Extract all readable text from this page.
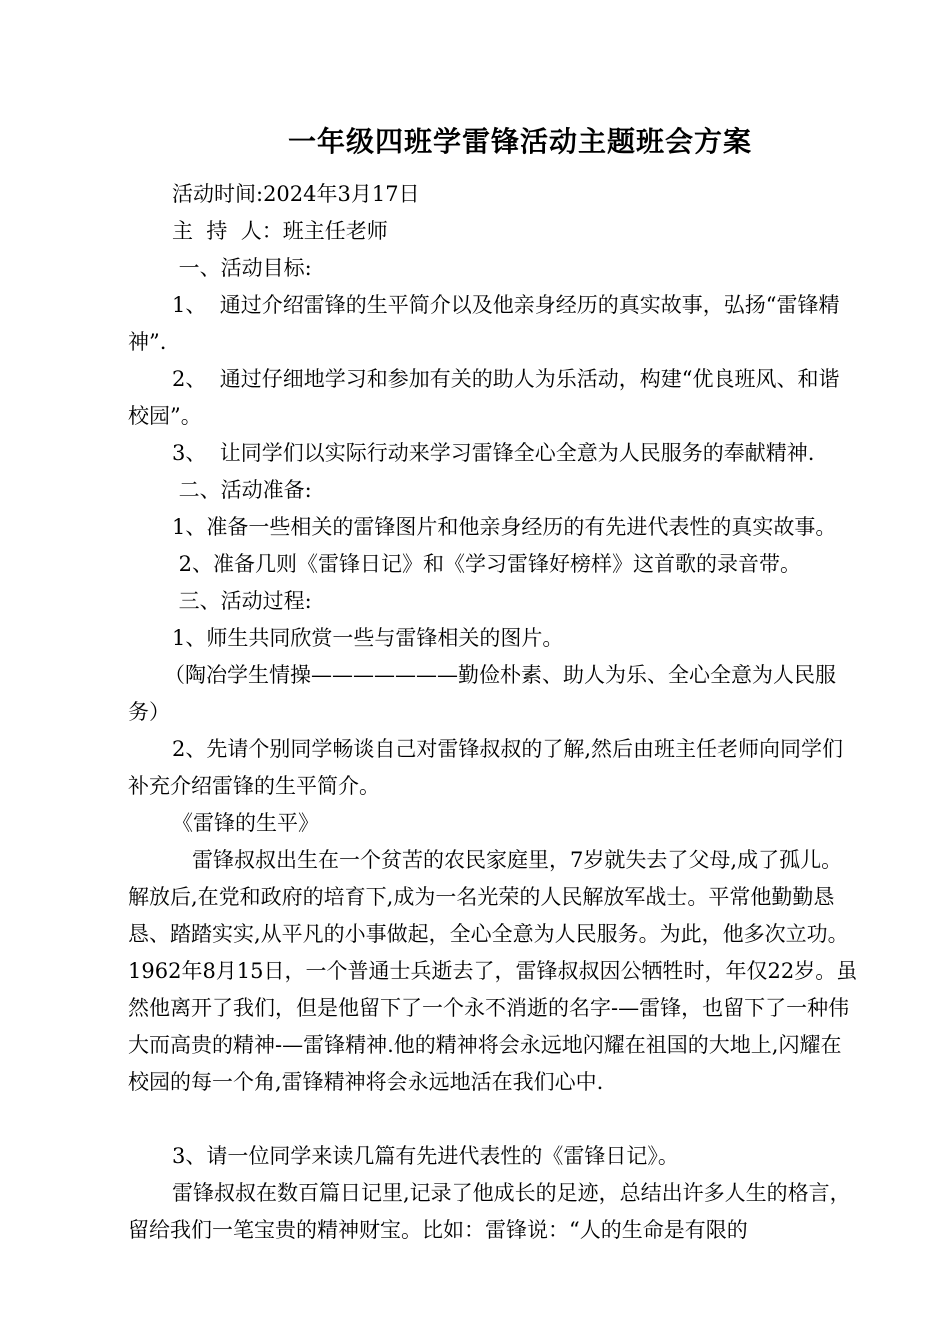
一年级四班学雷锋活动主题班会方案
活动时间:2024年3月17日
主  持  人：班主任老师
一、活动目标:
1、  通过介绍雷锋的生平简介以及他亲身经历的真实故事，弘扬“雷锋精神”.
2、  通过仔细地学习和参加有关的助人为乐活动，构建“优良班风、和谐校园”。
3、  让同学们以实际行动来学习雷锋全心全意为人民服务的奉献精神.
二、活动准备:
1、准备一些相关的雷锋图片和他亲身经历的有先进代表性的真实故事。
2、准备几则《雷锋日记》和《学习雷锋好榜样》这首歌的录音带。
三、活动过程:
1、师生共同欣赏一些与雷锋相关的图片。
（陶冶学生情操———————勤俭朴素、助人为乐、全心全意为人民服务）
2、先请个别同学畅谈自己对雷锋叔叔的了解,然后由班主任老师向同学们补充介绍雷锋的生平简介。
《雷锋的生平》
雷锋叔叔出生在一个贫苦的农民家庭里，7岁就失去了父母,成了孤儿。解放后,在党和政府的培育下,成为一名光荣的人民解放军战士。平常他勤勤恳恳、踏踏实实,从平凡的小事做起，全心全意为人民服务。为此，他多次立功。1962年8月15日，一个普通士兵逝去了，雷锋叔叔因公牺牲时，年仅22岁。虽然他离开了我们，但是他留下了一个永不消逝的名字-—雷锋，也留下了一种伟大而高贵的精神-—雷锋精神.他的精神将会永远地闪耀在祖国的大地上,闪耀在校园的每一个角,雷锋精神将会永远地活在我们心中.
3、请一位同学来读几篇有先进代表性的《雷锋日记》。
雷锋叔叔在数百篇日记里,记录了他成长的足迹，总结出许多人生的格言，留给我们一笔宝贵的精神财宝。比如：雷锋说：“人的生命是有限的
